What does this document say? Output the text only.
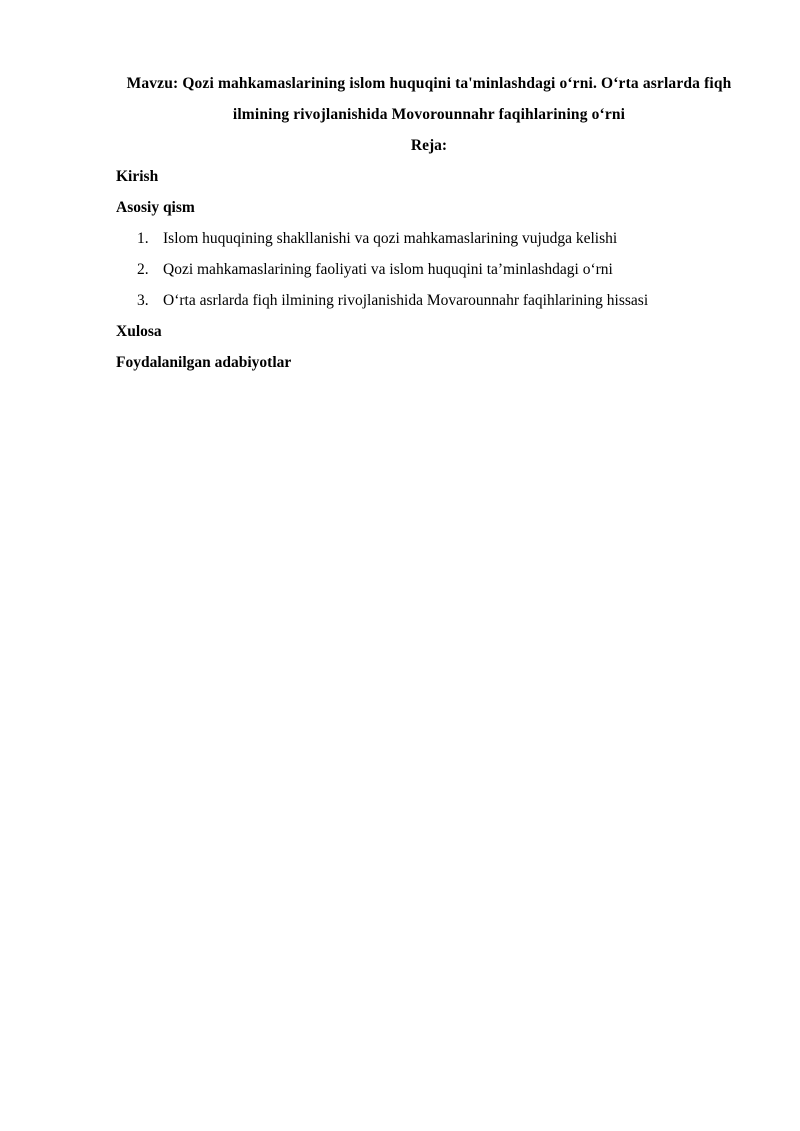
Mavzu: Qozi mahkamaslarining islom huquqini ta'minlashdagi oʻrni. Oʻrta asrlarda fiqh ilmining rivojlanishida Movorounnahr faqihlarining oʻrni
Reja:
Kirish
Asosiy qism
Islom huquqining shakllanishi va qozi mahkamaslarining vujudga kelishi
Qozi mahkamaslarining faoliyati va islom huquqini ta’minlashdagi oʻrni
Oʻrta asrlarda fiqh ilmining rivojlanishida Movarounnahr faqihlarining hissasi
Xulosa
Foydalanilgan adabiyotlar
